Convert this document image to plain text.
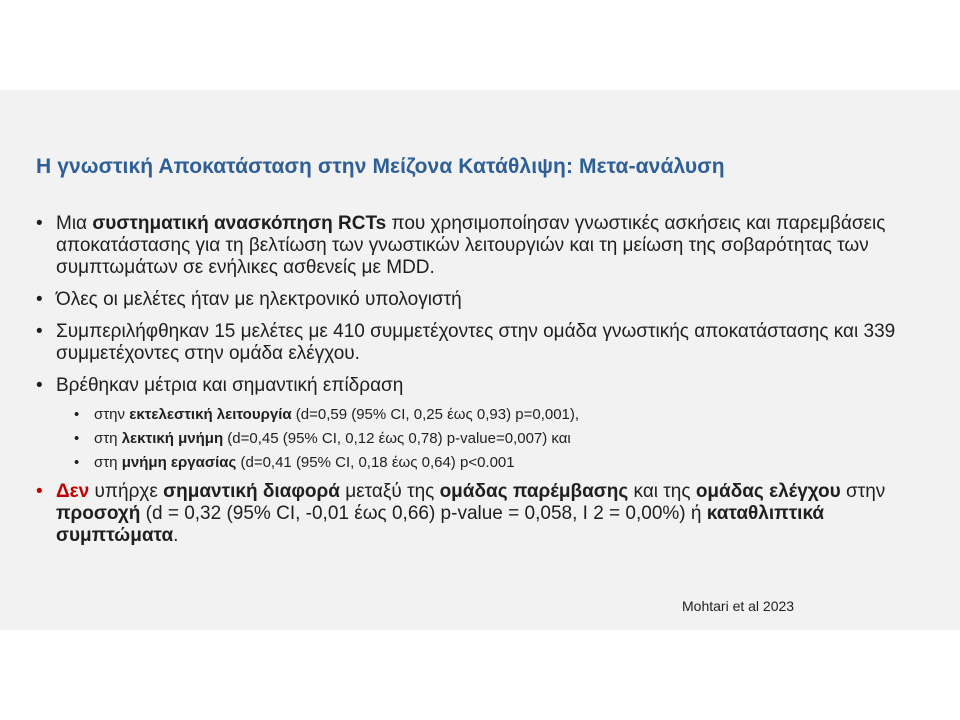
Η γνωστική Αποκατάσταση στην Μείζονα Κατάθλιψη: Μετα-ανάλυση
• Μια συστηματική ανασκόπηση RCTs που χρησιμοποίησαν γνωστικές ασκήσεις και παρεμβάσεις αποκατάστασης για τη βελτίωση των γνωστικών λειτουργιών και τη μείωση της σοβαρότητας των συμπτωμάτων σε ενήλικες ασθενείς με MDD.
• Όλες οι μελέτες ήταν με ηλεκτρονικό υπολογιστή
• Συμπεριλήφθηκαν 15 μελέτες με 410 συμμετέχοντες στην ομάδα γνωστικής αποκατάστασης και 339 συμμετέχοντες στην ομάδα ελέγχου.
• Βρέθηκαν μέτρια και σημαντική επίδραση
• στην εκτελεστική λειτουργία (d=0,59 (95% CI, 0,25 έως 0,93) p=0,001),
• στη λεκτική μνήμη (d=0,45 (95% CI, 0,12 έως 0,78) p-value=0,007) και
• στη μνήμη εργασίας (d=0,41 (95% CI, 0,18 έως 0,64) p<0.001
• Δεν υπήρχε σημαντική διαφορά μεταξύ της ομάδας παρέμβασης και της ομάδας ελέγχου στην προσοχή (d = 0,32 (95% CI, -0,01 έως 0,66) p-value = 0,058, I 2 = 0,00%) ή καταθλιπτικά συμπτώματα.
Mohtari et al 2023
